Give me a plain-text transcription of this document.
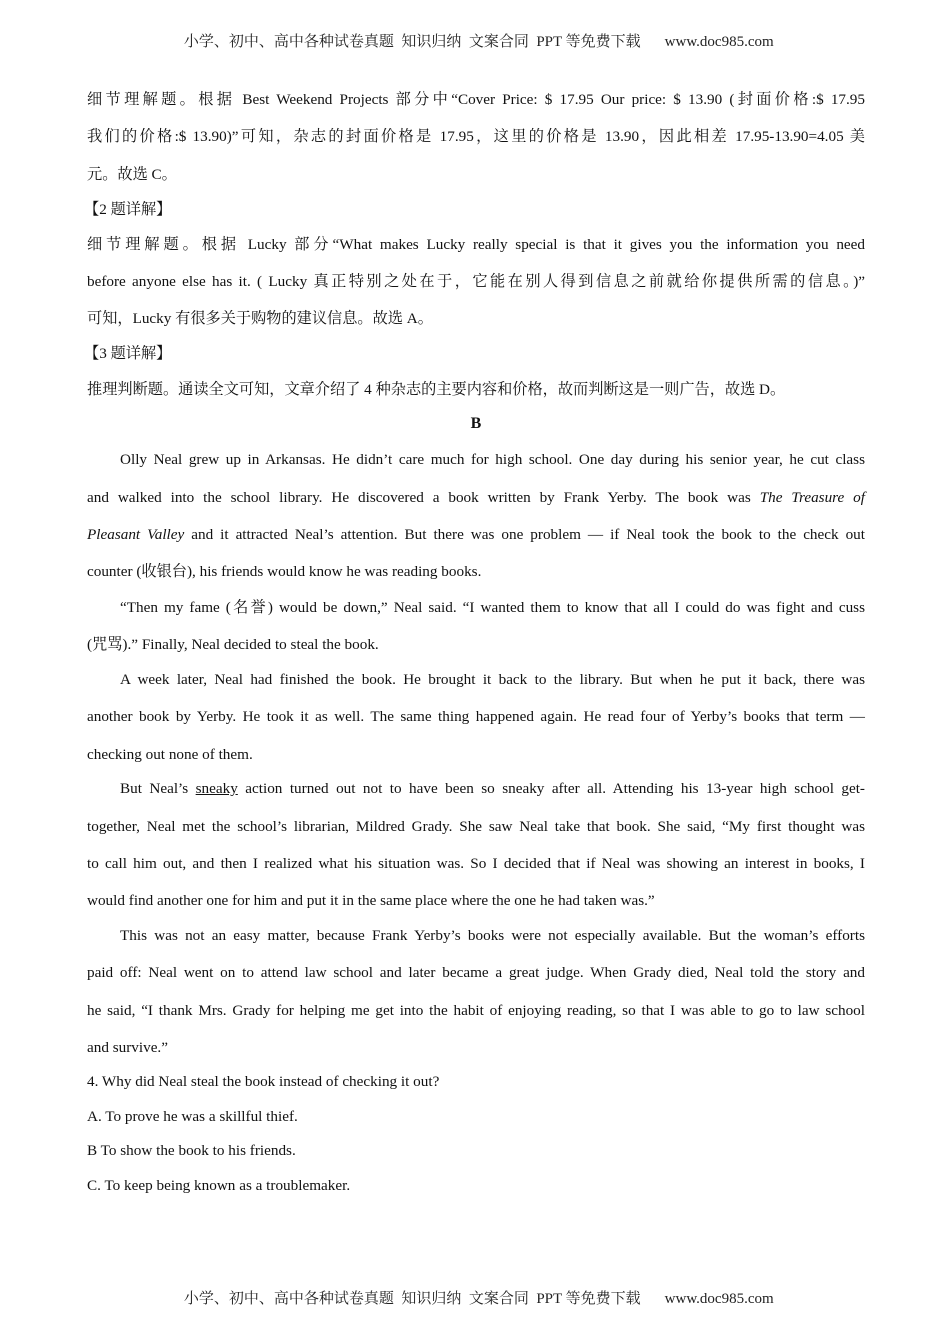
小学、初中、高中各种试卷真题  知识归纳  文案合同  PPT 等免费下载 www.doc985.com

细节理解题。根据 Best Weekend Projects 部分中“Cover Price: $ 17.95 Our price: $ 13.90 (封面价格:$ 17.95
我们的价格:$ 13.90)”可知，杂志的封面价格是 17.95，这里的价格是 13.90，因此相差 17.95-13.90=4.05 美
元。故选 C。
【2 题详解】
细节理解题。根据 Lucky 部分“What makes Lucky really special is that it gives you the information you need
before anyone else has it. ( Lucky 真正特别之处在于，它能在别人得到信息之前就给你提供所需的信息。)”
可知，Lucky 有很多关于购物的建议信息。故选 A。
【3 题详解】
推理判断题。通读全文可知，文章介绍了 4 种杂志的主要内容和价格，故而判断这是一则广告，故选 D。
B
Olly Neal grew up in Arkansas. He didn’t care much for high school. One day during his senior year, he cut class
and walked into the school library. He discovered a book written by Frank Yerby. The book was The Treasure of
Pleasant Valley and it attracted Neal’s attention. But there was one problem — if Neal took the book to the check out
counter (收银台), his friends would know he was reading books.
“Then my fame (名誉) would be down,” Neal said. “I wanted them to know that all I could do was fight and cuss
(咒骂).” Finally, Neal decided to steal the book.
A week later, Neal had finished the book. He brought it back to the library. But when he put it back, there was
another book by Yerby. He took it as well. The same thing happened again. He read four of Yerby’s books that term —
checking out none of them.
But Neal’s sneaky action turned out not to have been so sneaky after all. Attending his 13-year high school get-
together, Neal met the school’s librarian, Mildred Grady. She saw Neal take that book. She said, “My first thought was
to call him out, and then I realized what his situation was. So I decided that if Neal was showing an interest in books, I
would find another one for him and put it in the same place where the one he had taken was.”
This was not an easy matter, because Frank Yerby’s books were not especially available. But the woman’s efforts
paid off: Neal went on to attend law school and later became a great judge. When Grady died, Neal told the story and
he said, “I thank Mrs. Grady for helping me get into the habit of enjoying reading, so that I was able to go to law school
and survive.”
4. Why did Neal steal the book instead of checking it out?
A. To prove he was a skillful thief.
B To show the book to his friends.
C. To keep being known as a troublemaker.

小学、初中、高中各种试卷真题  知识归纳  文案合同  PPT 等免费下载 www.doc985.com
